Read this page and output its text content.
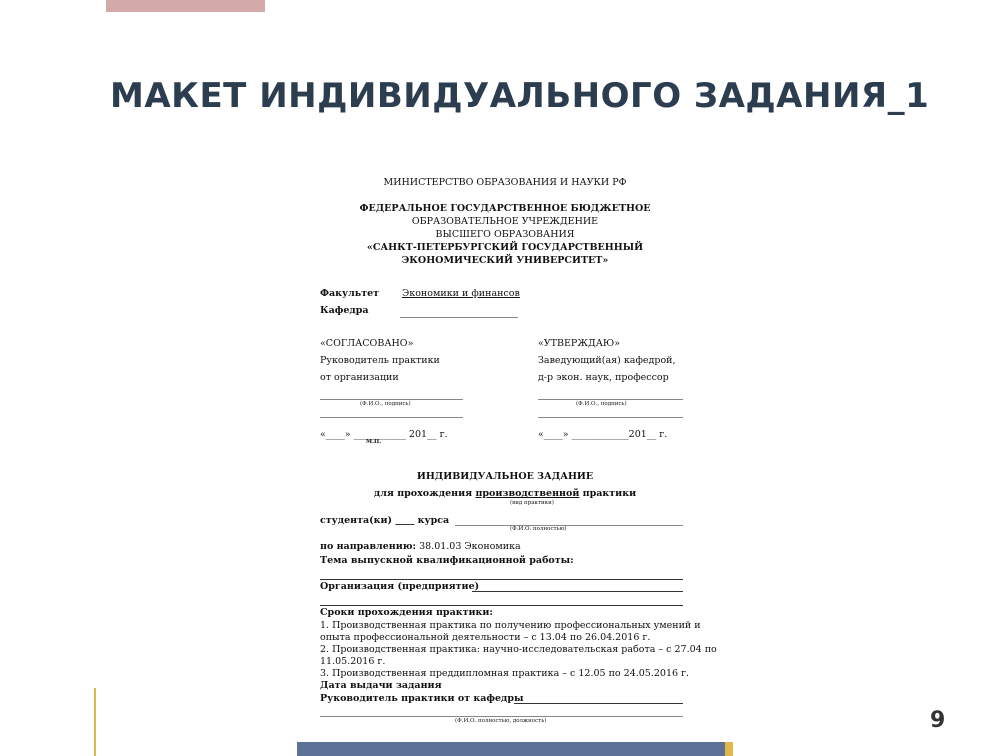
МАКЕТ ИНДИВИДУАЛЬНОГО ЗАДАНИЯ_1
МИНИСТЕРСТВО ОБРАЗОВАНИЯ И НАУКИ РФ
ФЕДЕРАЛЬНОЕ ГОСУДАРСТВЕННОЕ БЮДЖЕТНОЕ
ОБРАЗОВАТЕЛЬНОЕ УЧРЕЖДЕНИЕ
ВЫСШЕГО ОБРАЗОВАНИЯ
«САНКТ-ПЕТЕРБУРГСКИЙ ГОСУДАРСТВЕННЫЙ
ЭКОНОМИЧЕСКИЙ УНИВЕРСИТЕТ»
Факультет Экономики и финансов
Кафедра
«СОГЛАСОВАНО»
Руководитель практики
от организации
(Ф.И.О., подпись)
«____» ___________ 201__ г.
М.П.
«УТВЕРЖДАЮ»
Заведующий(ая) кафедрой,
д-р экон. наук, профессор
(Ф.И.О., подпись)
«____» ____________201__ г.
ИНДИВИДУАЛЬНОЕ ЗАДАНИЕ
для прохождения производственной практики
(вид практики)
студента(ки) ____ курса
(Ф.И.О. полностью)
по направлению: 38.01.03 Экономика
Тема выпускной квалификационной работы:
Организация (предприятие)
Сроки прохождения практики:
1. Производственная практика по получению профессиональных умений и
опыта профессиональной деятельности – с 13.04 по 26.04.2016 г.
2. Производственная практика: научно-исследовательская работа – с 27.04 по
11.05.2016 г.
3. Производственная преддипломная практика – с 12.05 по 24.05.2016 г.
Дата выдачи задания
Руководитель практики от кафедры
(Ф.И.О. полностью, должность)	9
